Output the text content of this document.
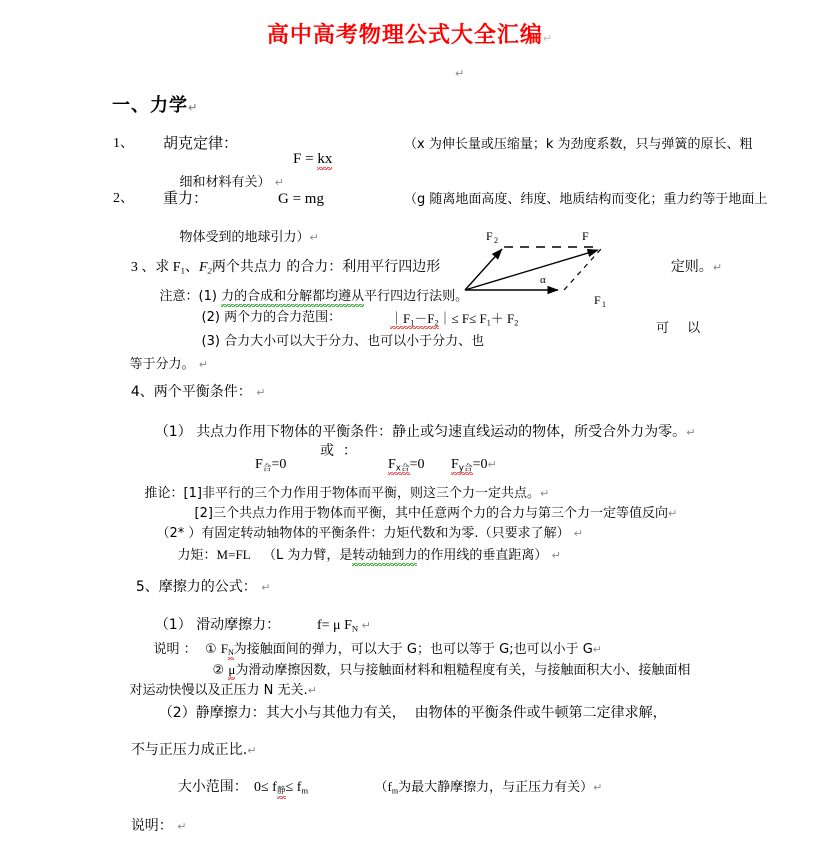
高中高考物理公式大全汇编↵
↵
一、力学↵
1、 胡克定律：

F = kx

（x 为伸长量或压缩量；k 为劲度系数，只与弹簧的原长、粗

细和材料有关） ↵

2、 重力：	G = mg	（g 随离地面高度、纬度、地质结构而变化；重力约等于地面上

物体受到的地球引力）↵

3 、求 $F_1$、$F_2$两个共点力 的合力：利用平行四边形
	定则。↵

F 2	F
α
F 1

注意：(1) 力的合成和分解都均遵从平行四边行法则。

(2) 两个力的合力范围：
	$|F_1-F_2|\le F\le F_1+ F_2$

(3) 合力大小可以大于分力、也可以小于分力、也

可 以

等于分力。 ↵

4、两个平衡条件： ↵

（1） 共点力作用下物体的平衡条件：静止或匀速直线运动的物体，所受合外力为零。↵

$F_合=0$

或  ：

$F_{x合}=0$
	$F_{y合}=0↵$

推论：[1]非平行的三个力作用于物体而平衡，则这三个力一定共点。↵

[2]三个共点力作用于物体而平衡，其中任意两个力的合力与第三个力一定等值反向↵

（2* ）有固定转动轴物体的平衡条件：力矩代数和为零.（只要求了解） ↵

力矩：M=FL （L 为力臂，是转动轴到力的作用线的垂直距离） ↵

5、摩擦力的公式： ↵

（1） 滑动摩擦力：
	f= μ $F_N$ ↵

说明 ： ① $F_N$为接触面间的弹力，可以大于 G；也可以等于 G;也可以小于 G↵

② μ为滑动摩擦因数，只与接触面材料和粗糙程度有关，与接触面积大小、接触面相

对运动快慢以及正压力 N 无关.↵

（2）静摩擦力：其大小与其他力有关，  由物体的平衡条件或牛顿第二定律求解，

不与正压力成正比.↵

大小范围：
$0\le f_静\le f_m$
	（$f_m$为最大静摩擦力，与正压力有关）↵

说明： ↵
